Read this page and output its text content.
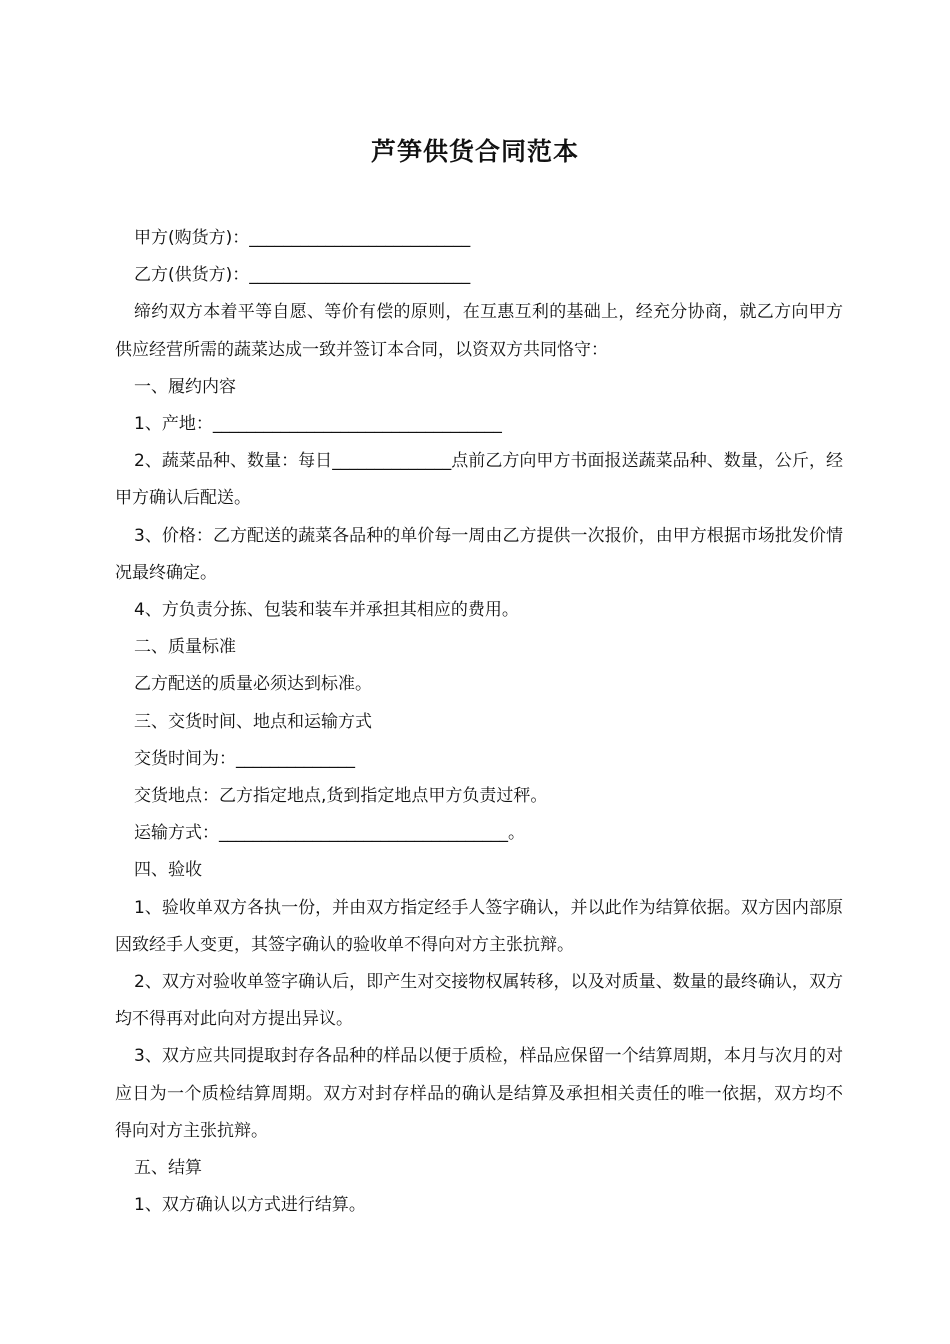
芦笋供货合同范本

甲方(购货方)：__________________________

乙方(供货方)：__________________________

缔约双方本着平等自愿、等价有偿的原则，在互惠互利的基础上，经充分协商，就乙方向甲方供应经营所需的蔬菜达成一致并签订本合同，以资双方共同恪守：

一、履约内容

1、产地：__________________________________

2、蔬菜品种、数量：每日______________点前乙方向甲方书面报送蔬菜品种、数量，公斤，经甲方确认后配送。

3、价格：乙方配送的蔬菜各品种的单价每一周由乙方提供一次报价，由甲方根据市场批发价情况最终确定。

4、方负责分拣、包装和装车并承担其相应的费用。

二、质量标准

乙方配送的质量必须达到标准。

三、交货时间、地点和运输方式

交货时间为：______________

交货地点：乙方指定地点,货到指定地点甲方负责过秤。

运输方式：__________________________________。

四、验收

1、验收单双方各执一份，并由双方指定经手人签字确认，并以此作为结算依据。双方因内部原因致经手人变更，其签字确认的验收单不得向对方主张抗辩。

2、双方对验收单签字确认后，即产生对交接物权属转移，以及对质量、数量的最终确认，双方均不得再对此向对方提出异议。

3、双方应共同提取封存各品种的样品以便于质检，样品应保留一个结算周期，本月与次月的对应日为一个质检结算周期。双方对封存样品的确认是结算及承担相关责任的唯一依据，双方均不得向对方主张抗辩。

五、结算

1、双方确认以方式进行结算。
